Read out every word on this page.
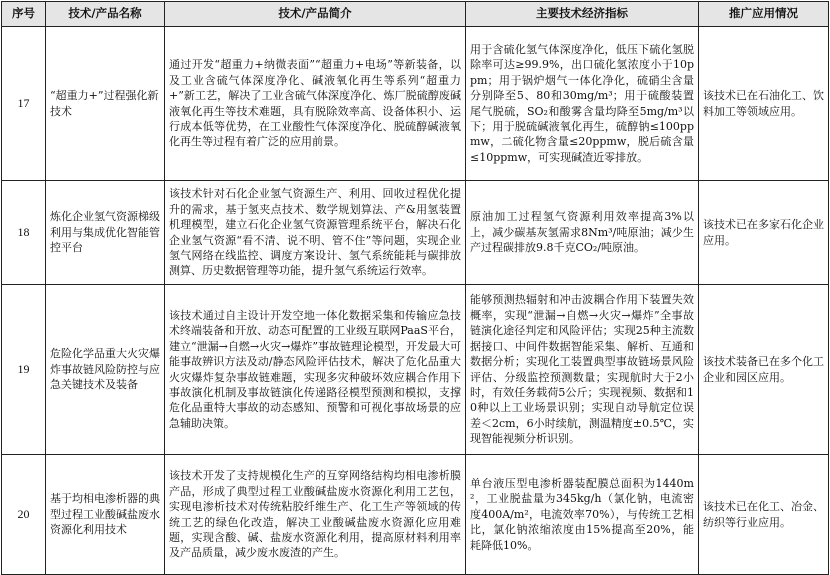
序号	技术/产品名称	技术/产品简介	主要技术经济指标	推广应用情况
17	“超重力+”过程强化新技术	通过开发“超重力+纳微表面”“超重力+电场”等新装备，以及工业含硫气体深度净化、碱液氧化再生等系列“超重力+”新工艺，解决了工业含硫气体深度净化、炼厂脱硫醇废碱液氧化再生等技术难题，具有脱除效率高、设备体积小、运行成本低等优势，在工业酸性气体深度净化、脱硫醇碱液氧化再生等过程有着广泛的应用前景。	用于含硫化氢气体深度净化，低压下硫化氢脱除率可达≥99.9%，出口硫化氢浓度小于10ppm；用于锅炉烟气一体化净化，硫硝尘含量分别降至5、80和30mg/m³；用于硫酸装置尾气脱硫，SO₂和酸雾含量均降至5mg/m³以下；用于脱硫碱液氧化再生，硫醇钠≤100ppmw，二硫化物含量≤20ppmw，脱后硫含量≤10ppmw，可实现碱渣近零排放。	该技术已在石油化工、饮料加工等领域应用。
18	炼化企业氢气资源梯级利用与集成优化智能管控平台	该技术针对石化企业氢气资源生产、利用、回收过程优化提升的需求，基于氢夹点技术、数学规划算法、产&用氢装置机理模型，建立石化企业氢气资源管理系统平台，解决石化企业氢气资源“看不清、说不明、管不住”等问题，实现企业氢气网络在线监控、调度方案设计、氢气系统能耗与碳排放测算、历史数据管理等功能，提升氢气系统运行效率。	原油加工过程氢气资源利用效率提高3%以上，减少碳基灰氢需求8Nm³/吨原油；减少生产过程碳排放9.8千克CO₂/吨原油。	该技术已在多家石化企业应用。
19	危险化学品重大火灾爆炸事故链风险防控与应急关键技术及装备	该技术通过自主设计开发空地一体化数据采集和传输应急技术终端装备和开放、动态可配置的工业级互联网PaaS平台，建立“泄漏→自燃→火灾→爆炸”事故链理论模型，开发最大可能事故辨识方法及动/静态风险评估技术，解决了危化品重大火灾爆炸复杂事故链难题，实现多灾种破坏效应耦合作用下事故演化机制及事故链演化传递路径模型预测和模拟，支撑危化品重特大事故的动态感知、预警和可视化事故场景的应急辅助决策。	能够预测热辐射和冲击波耦合作用下装置失效概率，实现“泄漏→自燃→火灾→爆炸”全事故链演化途径判定和风险评估；实现25种主流数据接口、中间件数据智能采集、解析、互通和数据分析；实现化工装置典型事故链场景风险评估、分级监控预测数量；实现航时大于2小时，有效任务载荷5公斤；实现视频、数据和10种以上工业场景识别；实现自动导航定位误差＜2cm，6小时续航，测温精度±0.5℃，实现智能视频分析识别。	该技术装备已在多个化工企业和园区应用。
20	基于均相电渗析器的典型过程工业酸碱盐废水资源化利用技术	该技术开发了支持规模化生产的互穿网络结构均相电渗析膜产品，形成了典型过程工业酸碱盐废水资源化利用工艺包，实现电渗析技术对传统粘胶纤维生产、化工生产等领域的传统工艺的绿色化改造，解决工业酸碱盐废水资源化应用难题，实现含酸、碱、盐废水资源化利用，提高原材料利用率及产品质量，减少废水废渣的产生。	单台液压型电渗析器装配膜总面积为1440m²，工业脱盐量为345kg/h（氯化钠，电流密度400A/m²，电流效率70%），与传统工艺相比，氯化钠浓缩浓度由15%提高至20%，能耗降低10%。	该技术已在化工、冶金、纺织等行业应用。
